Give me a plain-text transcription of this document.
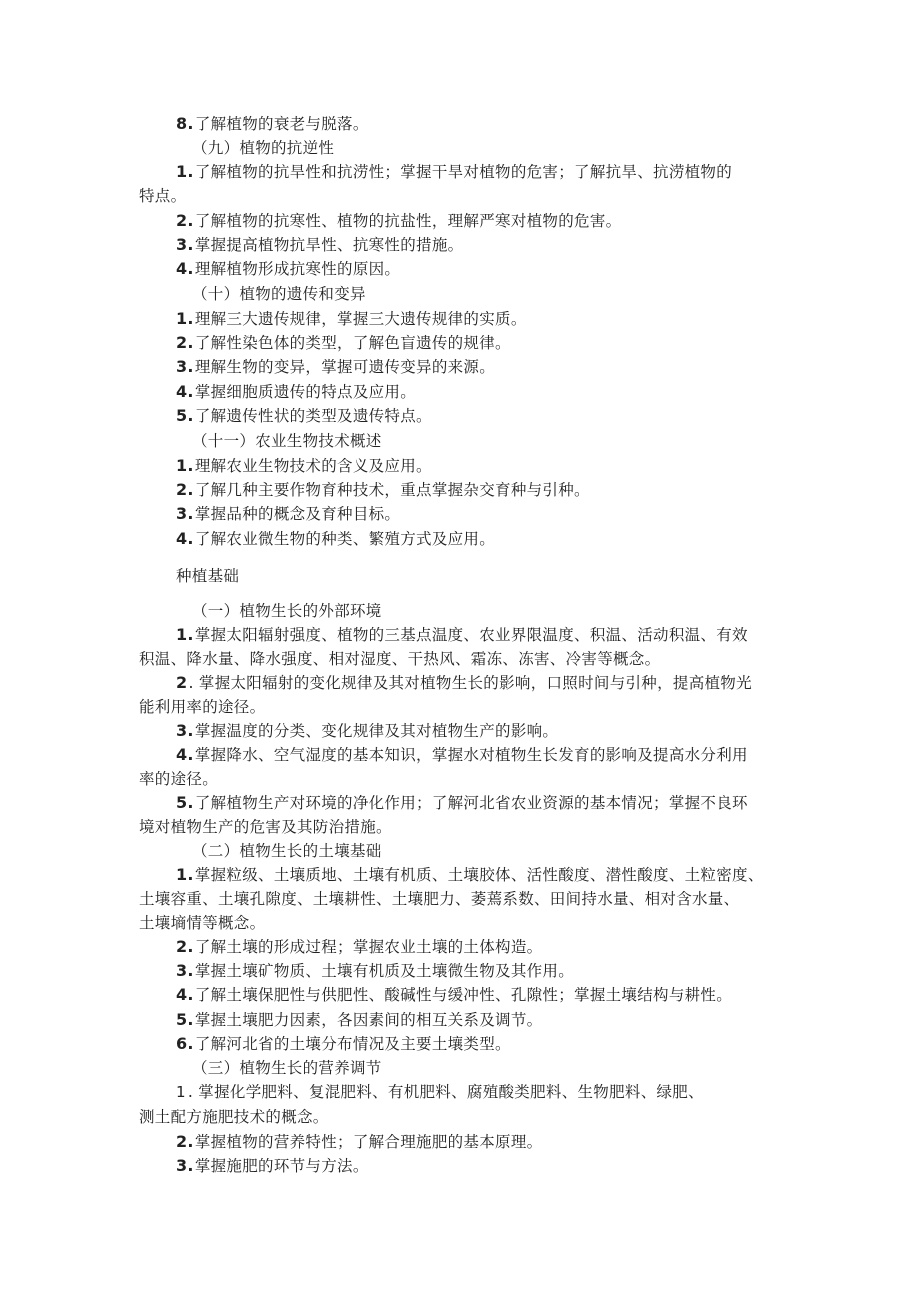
8.了解植物的衰老与脱落。
（九）植物的抗逆性
1.了解植物的抗旱性和抗涝性；掌握干旱对植物的危害；了解抗旱、抗涝植物的
特点。
2.了解植物的抗寒性、植物的抗盐性，理解严寒对植物的危害。
3.掌握提高植物抗旱性、抗寒性的措施。
4.理解植物形成抗寒性的原因。
（十）植物的遗传和变异
1.理解三大遗传规律，掌握三大遗传规律的实质。
2.了解性染色体的类型，了解色盲遗传的规律。
3.理解生物的变异，掌握可遗传变异的来源。
4.掌握细胞质遗传的特点及应用。
5.了解遗传性状的类型及遗传特点。
（十一）农业生物技术概述
1.理解农业生物技术的含义及应用。
2.了解几种主要作物育种技术，重点掌握杂交育种与引种。
3.掌握品种的概念及育种目标。
4.了解农业微生物的种类、繁殖方式及应用。
种植基础
（一）植物生长的外部环境
1.掌握太阳辐射强度、植物的三基点温度、农业界限温度、积温、活动积温、有效
积温、降水量、降水强度、相对湿度、干热风、霜冻、冻害、冷害等概念。
2. 掌握太阳辐射的变化规律及其对植物生长的影响，口照时间与引种，提高植物光
能利用率的途径。
3.掌握温度的分类、变化规律及其对植物生产的影响。
4.掌握降水、空气湿度的基本知识，掌握水对植物生长发育的影响及提高水分利用
率的途径。
5.了解植物生产对环境的净化作用；了解河北省农业资源的基本情况；掌握不良环
境对植物生产的危害及其防治措施。
（二）植物生长的土壤基础
1.掌握粒级、土壤质地、土壤有机质、土壤胶体、活性酸度、潜性酸度、土粒密度、
土壤容重、土壤孔隙度、土壤耕性、土壤肥力、萎蔫系数、田间持水量、相对含水量、
土壤墒情等概念。
2.了解土壤的形成过程；掌握农业土壤的土体构造。
3.掌握土壤矿物质、土壤有机质及土壤微生物及其作用。
4.了解土壤保肥性与供肥性、酸碱性与缓冲性、孔隙性；掌握土壤结构与耕性。
5.掌握土壤肥力因素，各因素间的相互关系及调节。
6.了解河北省的土壤分布情况及主要土壤类型。
（三）植物生长的营养调节
1 . 掌握化学肥料、复混肥料、有机肥料、腐殖酸类肥料、生物肥料、绿肥、
测土配方施肥技术的概念。
2.掌握植物的营养特性；了解合理施肥的基本原理。
3.掌握施肥的环节与方法。
